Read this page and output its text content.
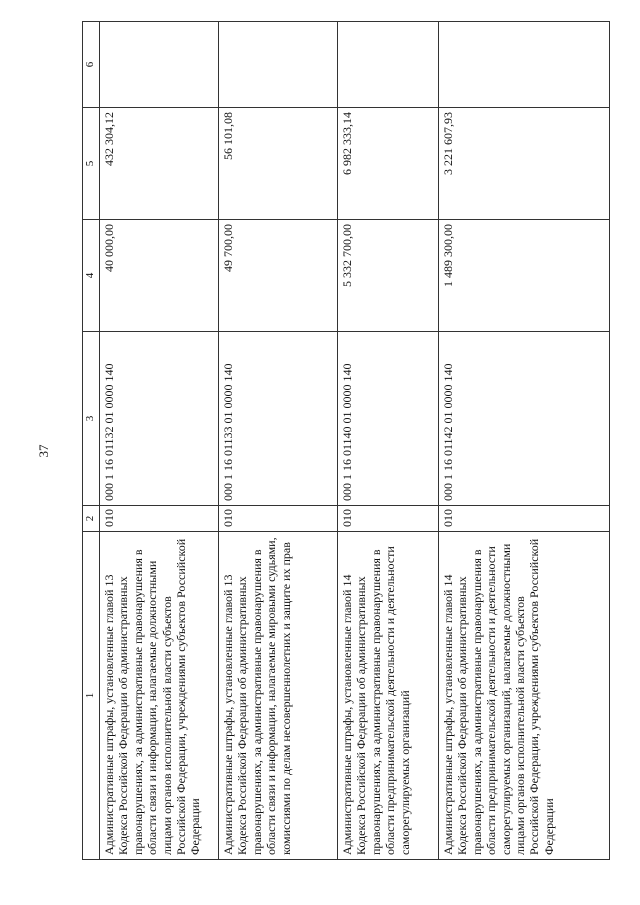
37
1	2	3	4	5	6
Административные штрафы, установленные главой 13 Кодекса Российской Федерации об административных правонарушениях, за административные правонарушения в области связи и информации, налагаемые должностными лицами органов исполнительной власти субъектов Российской Федерации, учреждениями субъектов Российской Федерации	010	000 1 16 01132 01 0000 140	40 000,00	432 304,12	
Административные штрафы, установленные главой 13 Кодекса Российской Федерации об административных правонарушениях, за административные правонарушения в области связи и информации, налагаемые мировыми судьями, комиссиями по делам несовершеннолетних и защите их прав	010	000 1 16 01133 01 0000 140	49 700,00	56 101,08	
Административные штрафы, установленные главой 14 Кодекса Российской Федерации об административных правонарушениях, за административные правонарушения в области предпринимательской деятельности и деятельности саморегулируемых организаций	010	000 1 16 01140 01 0000 140	5 332 700,00	6 982 333,14	
Административные штрафы, установленные главой 14 Кодекса Российской Федерации об административных правонарушениях, за административные правонарушения в области предпринимательской деятельности и деятельности саморегулируемых организаций, налагаемые должностными лицами органов исполнительной власти субъектов Российской Федерации, учреждениями субъектов Российской Федерации	010	000 1 16 01142 01 0000 140	1 489 300,00	3 221 607,93	
